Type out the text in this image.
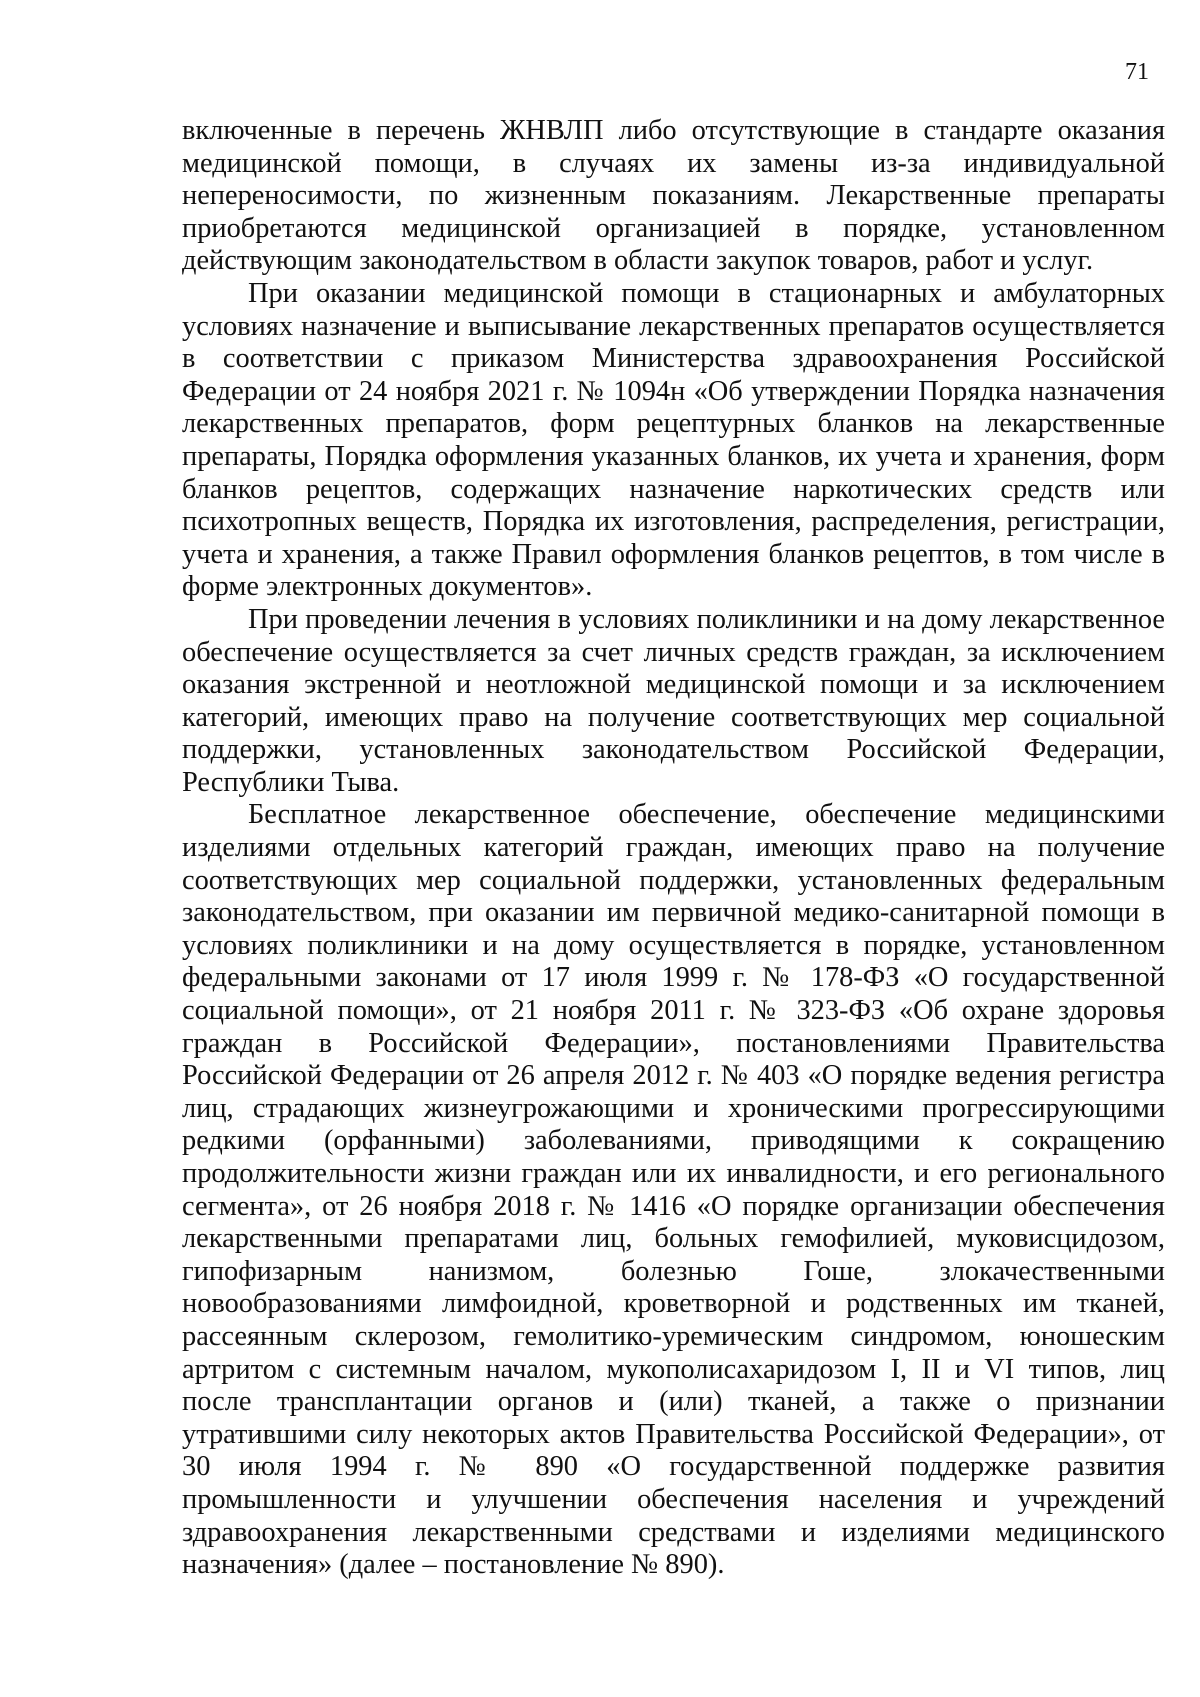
71

включенные в перечень ЖНВЛП либо отсутствующие в стандарте оказания медицинской помощи, в случаях их замены из-за индивидуальной непереносимости, по жизненным показаниям. Лекарственные препараты приобретаются медицинской организацией в порядке, установленном действующим законодательством в области закупок товаров, работ и услуг.

При оказании медицинской помощи в стационарных и амбулаторных условиях назначение и выписывание лекарственных препаратов осуществляется в соответствии с приказом Министерства здравоохранения Российской Федерации от 24 ноября 2021 г. № 1094н «Об утверждении Порядка назначения лекарственных препаратов, форм рецептурных бланков на лекарственные препараты, Порядка оформления указанных бланков, их учета и хранения, форм бланков рецептов, содержащих назначение наркотических средств или психотропных веществ, Порядка их изготовления, распределения, регистрации, учета и хранения, а также Правил оформления бланков рецептов, в том числе в форме электронных документов».

При проведении лечения в условиях поликлиники и на дому лекарственное обеспечение осуществляется за счет личных средств граждан, за исключением оказания экстренной и неотложной медицинской помощи и за исключением категорий, имеющих право на получение соответствующих мер социальной поддержки, установленных законодательством Российской Федерации, Республики Тыва.

Бесплатное лекарственное обеспечение, обеспечение медицинскими изделиями отдельных категорий граждан, имеющих право на получение соответствующих мер социальной поддержки, установленных федеральным законодательством, при оказании им первичной медико-санитарной помощи в условиях поликлиники и на дому осуществляется в порядке, установленном федеральными законами от 17 июля 1999 г. № 178-ФЗ «О государственной социальной помощи», от 21 ноября 2011 г. № 323-ФЗ «Об охране здоровья граждан в Российской Федерации», постановлениями Правительства Российской Федерации от 26 апреля 2012 г. № 403 «О порядке ведения регистра лиц, страдающих жизнеугрожающими и хроническими прогрессирующими редкими (орфанными) заболеваниями, приводящими к сокращению продолжительности жизни граждан или их инвалидности, и его регионального сегмента», от 26 ноября 2018 г. № 1416 «О порядке организации обеспечения лекарственными препаратами лиц, больных гемофилией, муковисцидозом, гипофизарным нанизмом, болезнью Гоше, злокачественными новообразованиями лимфоидной, кроветворной и родственных им тканей, рассеянным склерозом, гемолитико-уремическим синдромом, юношеским артритом с системным началом, мукополисахаридозом I, II и VI типов, лиц после трансплантации органов и (или) тканей, а также о признании утратившими силу некоторых актов Правительства Российской Федерации», от 30 июля 1994 г. № 890 «О государственной поддержке развития промышленности и улучшении обеспечения населения и учреждений здравоохранения лекарственными средствами и изделиями медицинского назначения» (далее – постановление № 890).
